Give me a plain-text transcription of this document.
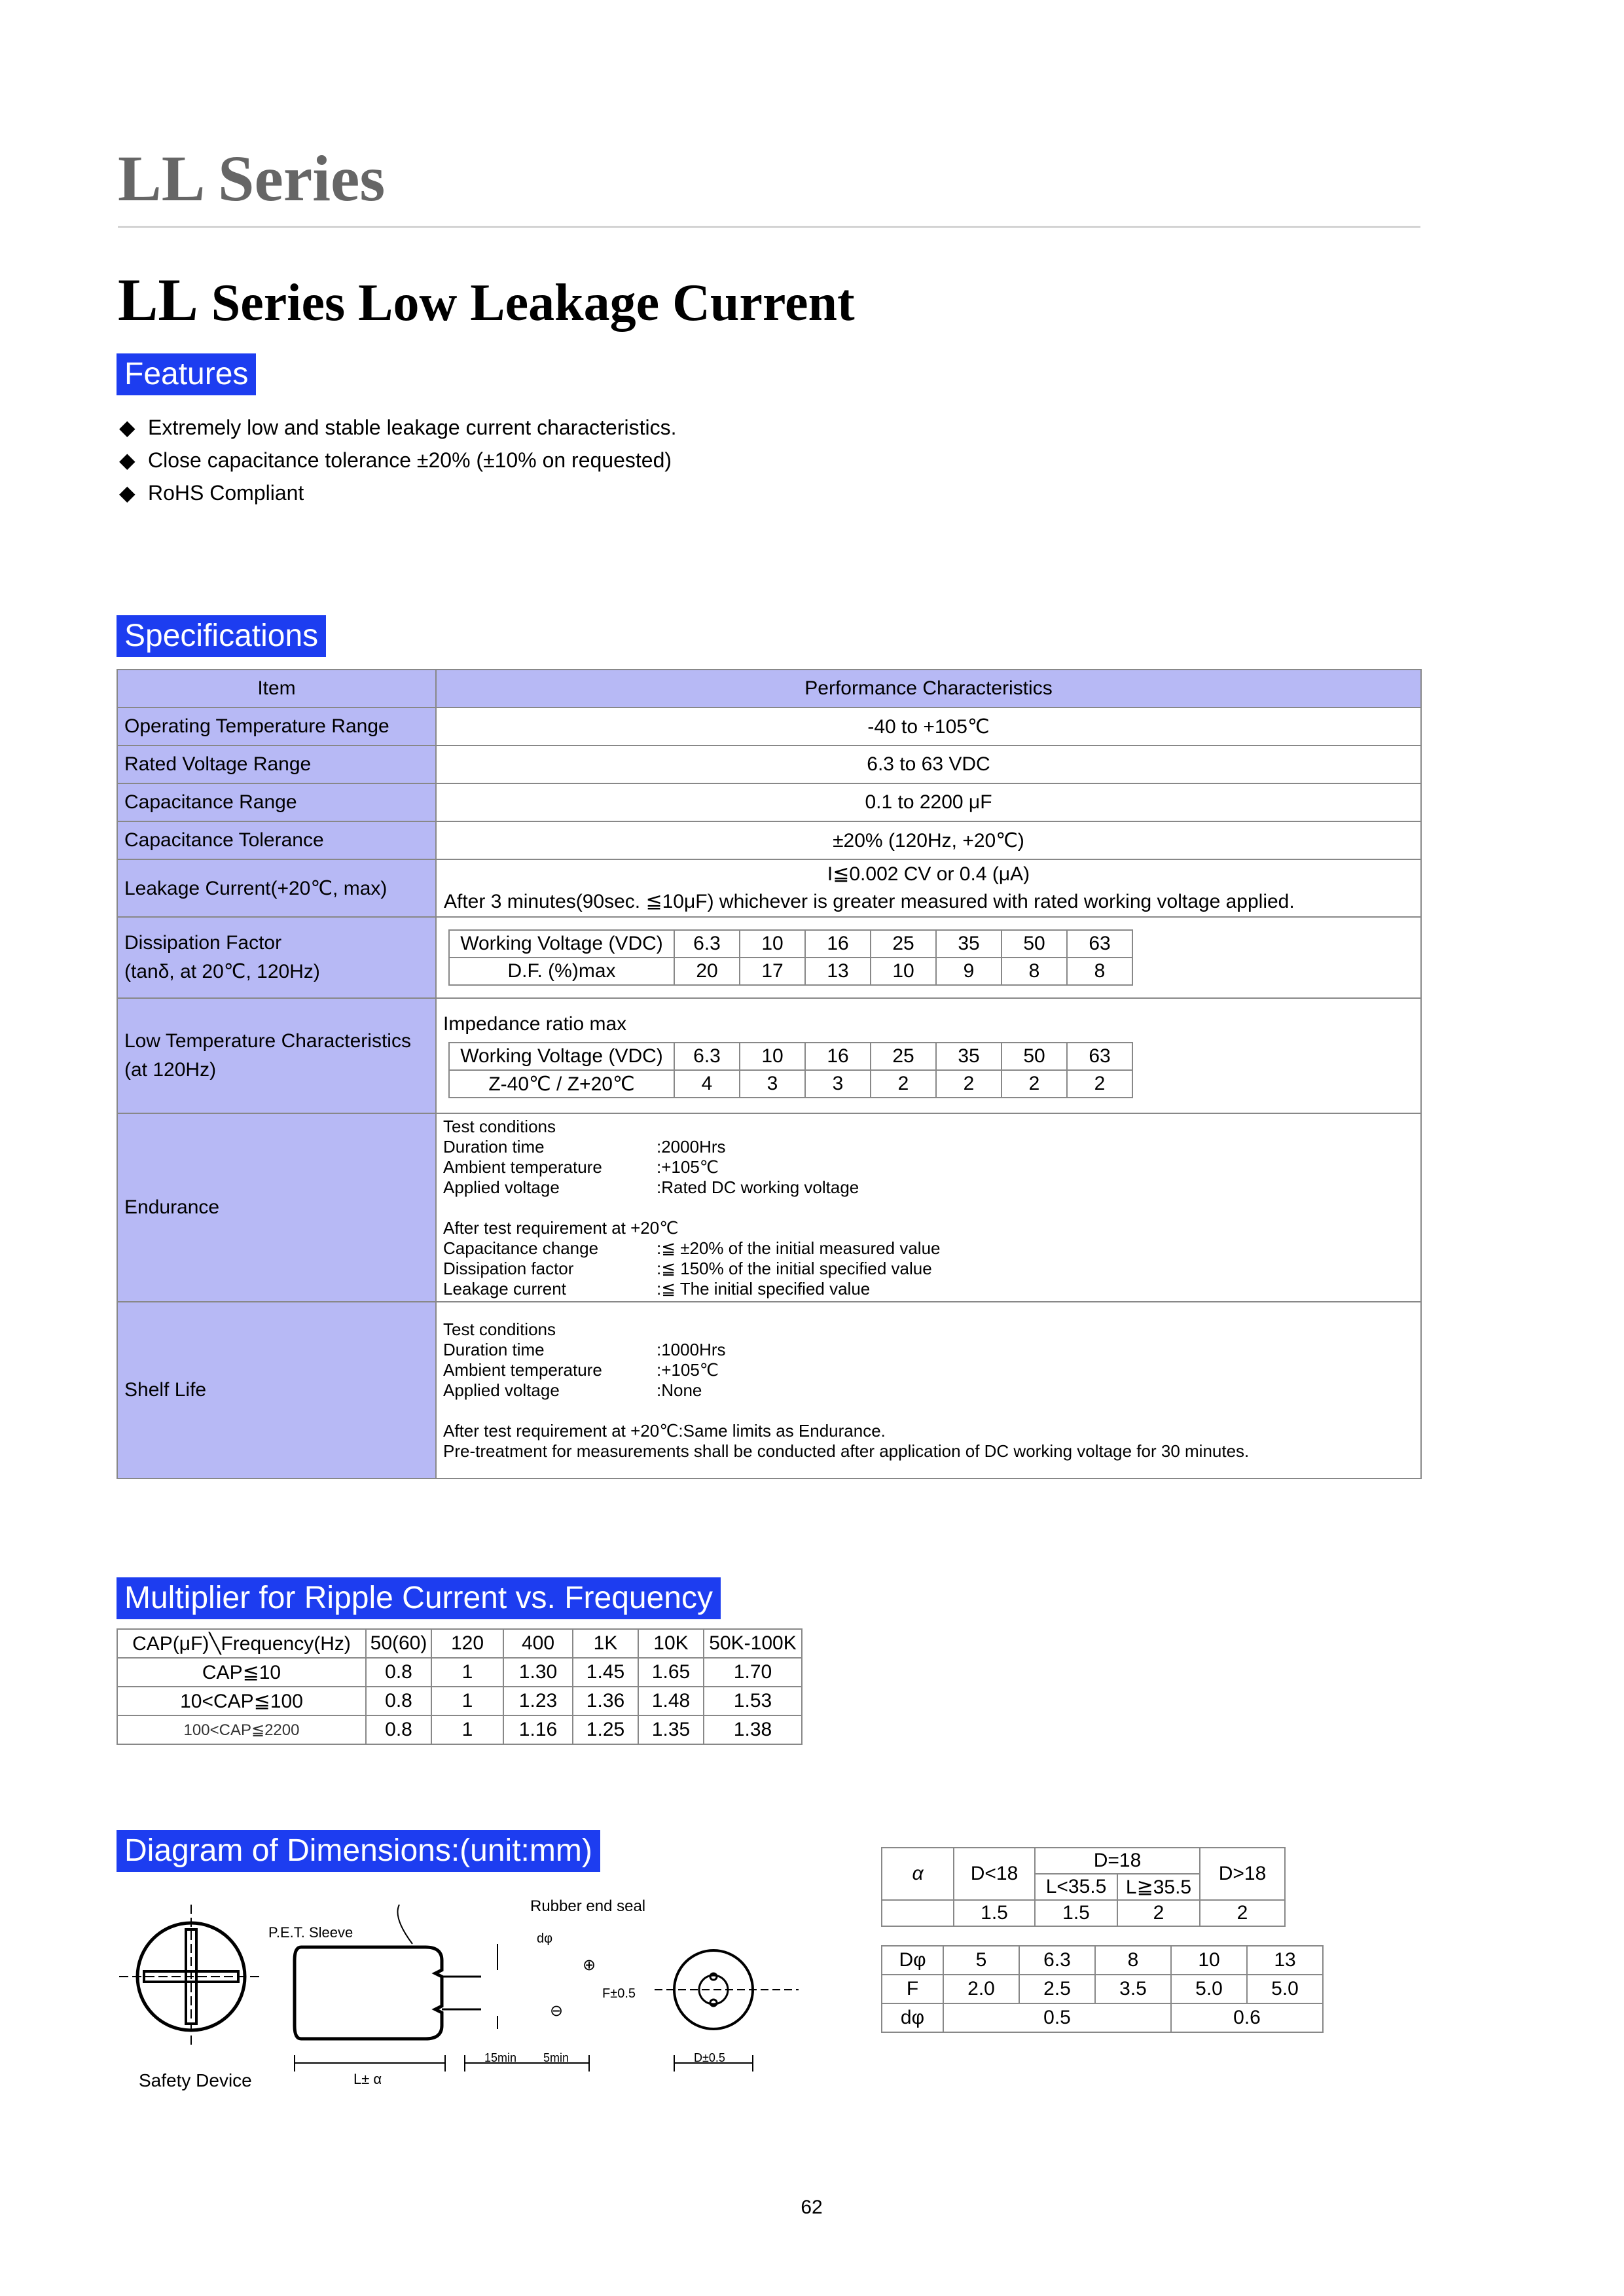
LL Series
LL Series Low Leakage Current
Features
◆ Extremely low and stable leakage current characteristics.
◆ Close capacitance tolerance ±20% (±10% on requested)
◆ RoHS Compliant
Specifications
Item	Performance Characteristics
Operating Temperature Range	-40 to +105℃
Rated Voltage Range	6.3 to 63 VDC
Capacitance Range	0.1 to 2200 μF
Capacitance Tolerance	±20% (120Hz, +20℃)
Leakage Current(+20℃, max)	
I≦0.002 CV or 0.4 (μA)
After 3 minutes(90sec. ≦10μF) whichever is greater measured with rated working voltage applied.

Dissipation Factor
(tanδ, at 20℃, 120Hz)

Working Voltage (VDC)	6.3	10	16	25	35	50	63
D.F. (%)max	20	17	13	10	9	8	8

Low Temperature Characteristics
(at 120Hz)

Impedance ratio max
Working Voltage (VDC)	6.3	10	16	25	35	50	63
Z-40℃ / Z+20℃	4	3	3	2	2	2	2

Endurance	
Test conditions
Duration time	:2000Hrs
Ambient temperature	:+105℃
Applied voltage	:Rated DC working voltage
After test requirement at +20℃
Capacitance change	:≦ ±20% of the initial measured value
Dissipation factor	:≦ 150% of the initial specified value
Leakage current	:≦ The initial specified value

Shelf Life	
Test conditions
Duration time	:1000Hrs
Ambient temperature	:+105℃
Applied voltage	:None
After test requirement at +20℃:Same limits as Endurance.
Pre-treatment for measurements shall be conducted after application of DC working voltage for 30 minutes.
Multiplier for Ripple Current vs. Frequency
CAP(μF)╲Frequency(Hz)	50(60)	120	400	1K	10K	50K-100K
CAP≦10	0.8	1	1.30	1.45	1.65	1.70
10<CAP≦100	0.8	1	1.23	1.36	1.48	1.53
100<CAP≦2200	0.8	1	1.16	1.25	1.35	1.38
Diagram of Dimensions:(unit:mm)
α	D<18	D=18		D>18
		L<35.5	L≧35.5	
	1.5	1.5	2	2
Dφ	5	6.3	8	10	13
F	2.0	2.5	3.5	5.0	5.0
dφ	0.5			0.6	
Safety Device
P.E.T. Sleeve
Rubber end seal
dφ
⊕
⊖
F±0.5
L± α
15min 5min	D±0.5
62
